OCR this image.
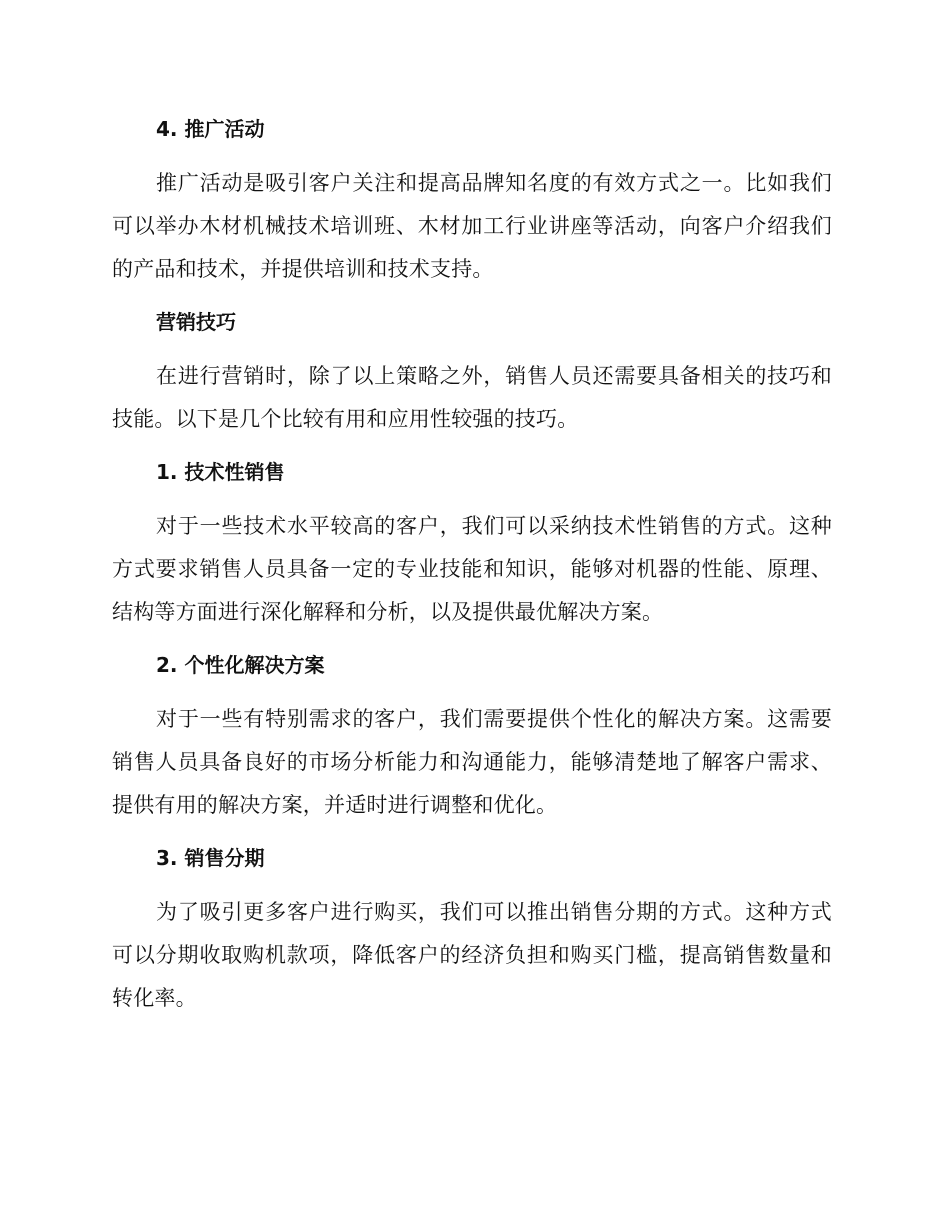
4. 推广活动

推广活动是吸引客户关注和提高品牌知名度的有效方式之一。比如我们可以举办木材机械技术培训班、木材加工行业讲座等活动，向客户介绍我们的产品和技术，并提供培训和技术支持。

营销技巧

在进行营销时，除了以上策略之外，销售人员还需要具备相关的技巧和技能。以下是几个比较有用和应用性较强的技巧。

1. 技术性销售

对于一些技术水平较高的客户，我们可以采纳技术性销售的方式。这种方式要求销售人员具备一定的专业技能和知识，能够对机器的性能、原理、结构等方面进行深化解释和分析，以及提供最优解决方案。

2. 个性化解决方案

对于一些有特别需求的客户，我们需要提供个性化的解决方案。这需要销售人员具备良好的市场分析能力和沟通能力，能够清楚地了解客户需求、提供有用的解决方案，并适时进行调整和优化。

3. 销售分期

为了吸引更多客户进行购买，我们可以推出销售分期的方式。这种方式可以分期收取购机款项，降低客户的经济负担和购买门槛，提高销售数量和转化率。
